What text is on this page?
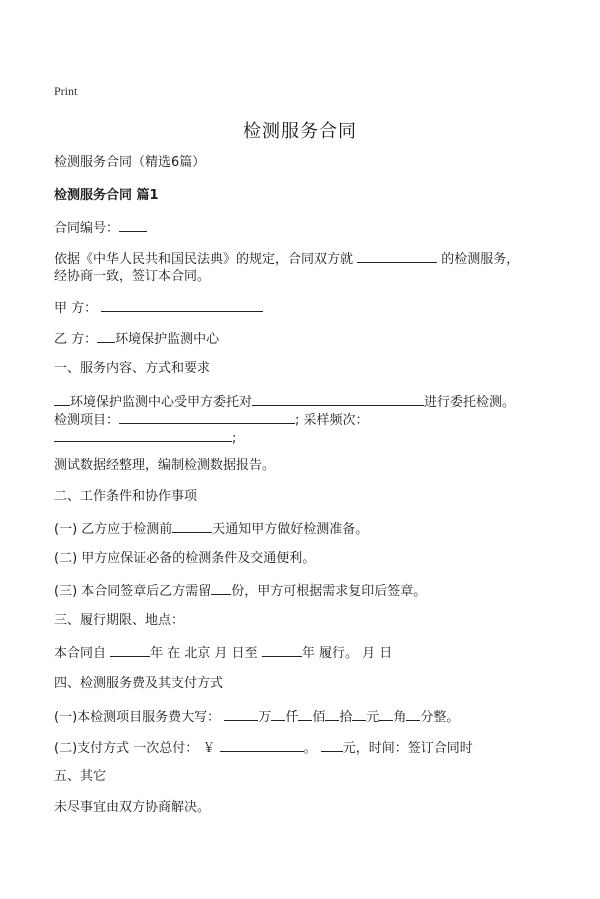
Print
检测服务合同
检测服务合同（精选6篇）
检测服务合同 篇1
合同编号：
依据《中华人民共和国民法典》的规定，合同双方就	的检测服务，
经协商一致，签订本合同。
甲 方：
乙 方： 环境保护监测中心
一、服务内容、方式和要求
环境保护监测中心受甲方委托对	进行委托检测。
检测项目：	; 采样频次：
;
测试数据经整理，编制检测数据报告。
二、工作条件和协作事项
(一) 乙方应于检测前	天通知甲方做好检测准备。
(二) 甲方应保证必备的检测条件及交通便利。
(三) 本合同签章后乙方需留 份，甲方可根据需求复印后签章。
三、履行期限、地点：
本合同自	年 在 北京 月 日至	年 履行。 月 日
四、检测服务费及其支付方式
(一)本检测项目服务费大写：	万 仟 佰 拾 元 角 分整。
(二)支付方式 一次总付： ￥	。 元，时间：签订合同时
五、其它
未尽事宜由双方协商解决。
